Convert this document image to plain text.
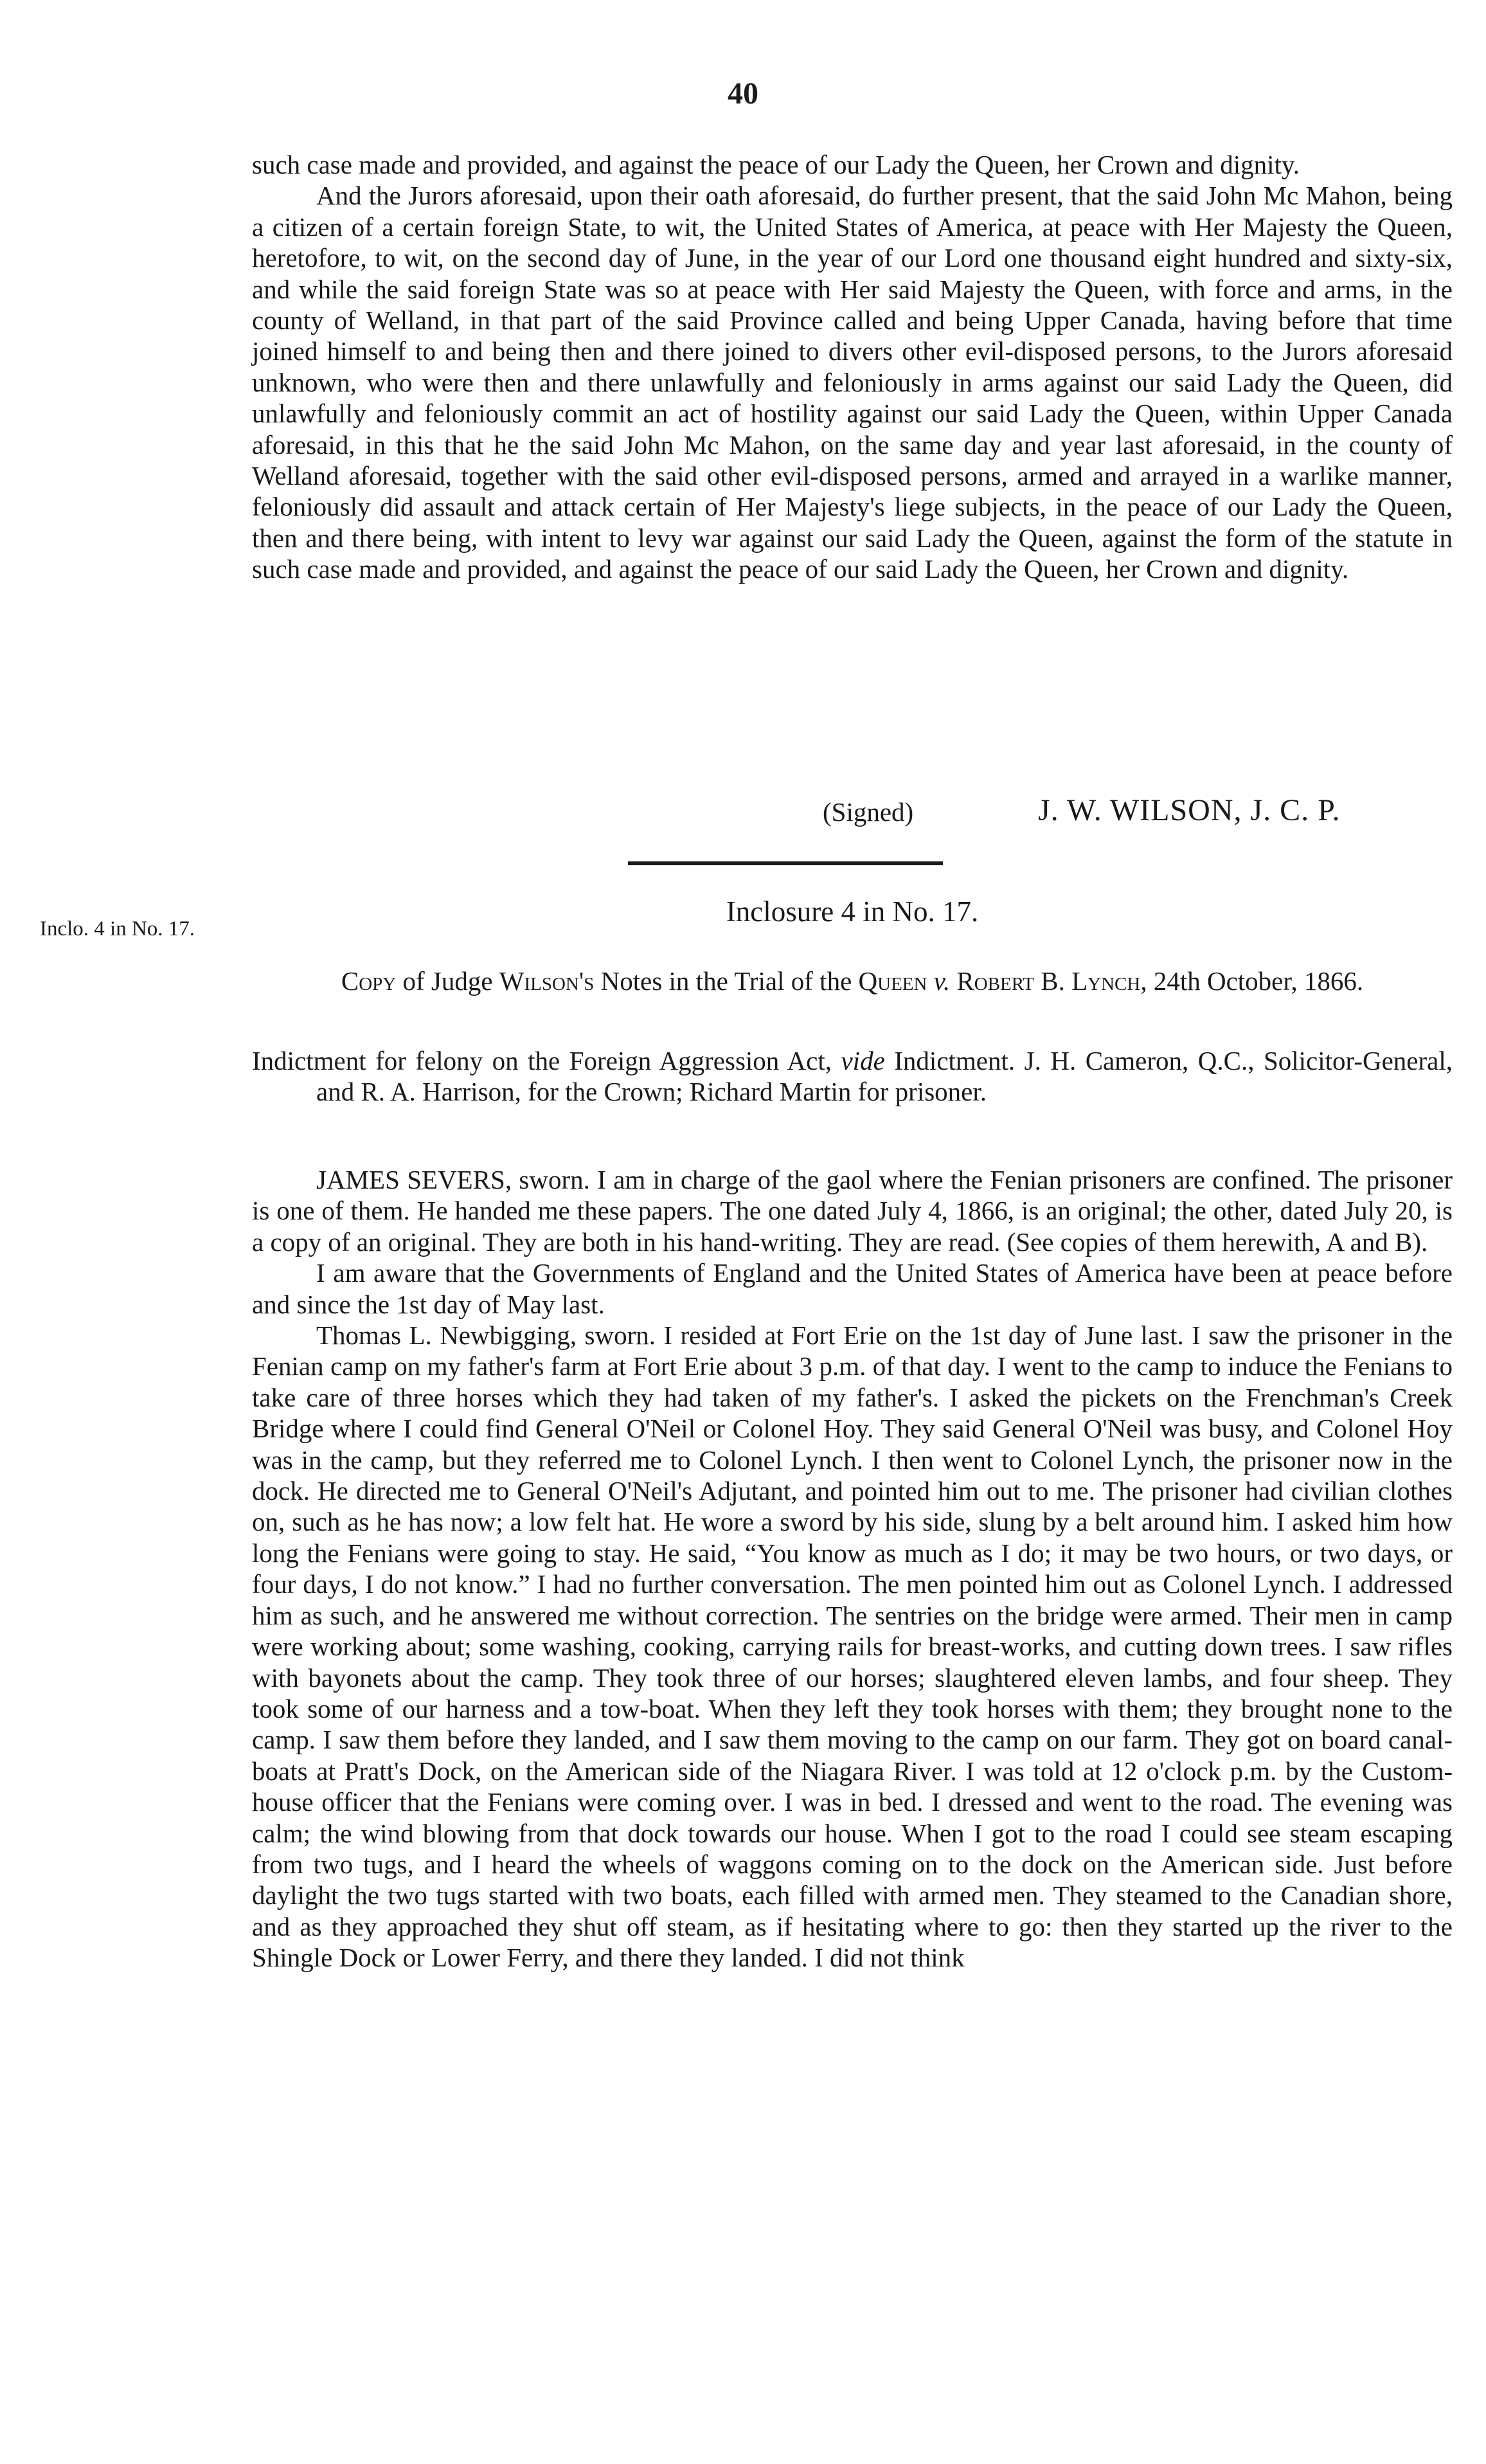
40

such case made and provided, and against the peace of our Lady the Queen, her Crown and dignity.

And the Jurors aforesaid, upon their oath aforesaid, do further present, that the said John Mc Mahon, being a citizen of a certain foreign State, to wit, the United States of America, at peace with Her Majesty the Queen, heretofore, to wit, on the second day of June, in the year of our Lord one thousand eight hundred and sixty-six, and while the said foreign State was so at peace with Her said Majesty the Queen, with force and arms, in the county of Welland, in that part of the said Province called and being Upper Canada, having before that time joined himself to and being then and there joined to divers other evil-disposed persons, to the Jurors aforesaid unknown, who were then and there unlawfully and feloniously in arms against our said Lady the Queen, did unlawfully and feloniously commit an act of hostility against our said Lady the Queen, within Upper Canada aforesaid, in this that he the said John Mc Mahon, on the same day and year last aforesaid, in the county of Welland aforesaid, together with the said other evil-disposed persons, armed and arrayed in a warlike manner, feloniously did assault and attack certain of Her Majesty's liege subjects, in the peace of our Lady the Queen, then and there being, with intent to levy war against our said Lady the Queen, against the form of the statute in such case made and provided, and against the peace of our said Lady the Queen, her Crown and dignity.

(Signed)	J. W. WILSON, J. C. P.
Inclo. 4 in No. 17.
Inclosure 4 in No. 17.
Copy of Judge Wilson's Notes in the Trial of the Queen v. Robert B. Lynch, 24th October, 1866.

Indictment for felony on the Foreign Aggression Act, vide Indictment. J. H. Cameron, Q.C., Solicitor-General, and R. A. Harrison, for the Crown; Richard Martin for prisoner.

JAMES SEVERS, sworn. I am in charge of the gaol where the Fenian prisoners are confined. The prisoner is one of them. He handed me these papers. The one dated July 4, 1866, is an original; the other, dated July 20, is a copy of an original. They are both in his hand-writing. They are read. (See copies of them herewith, A and B).

I am aware that the Governments of England and the United States of America have been at peace before and since the 1st day of May last.

Thomas L. Newbigging, sworn. I resided at Fort Erie on the 1st day of June last. I saw the prisoner in the Fenian camp on my father's farm at Fort Erie about 3 p.m. of that day. I went to the camp to induce the Fenians to take care of three horses which they had taken of my father's. I asked the pickets on the Frenchman's Creek Bridge where I could find General O'Neil or Colonel Hoy. They said General O'Neil was busy, and Colonel Hoy was in the camp, but they referred me to Colonel Lynch. I then went to Colonel Lynch, the prisoner now in the dock. He directed me to General O'Neil's Adjutant, and pointed him out to me. The prisoner had civilian clothes on, such as he has now; a low felt hat. He wore a sword by his side, slung by a belt around him. I asked him how long the Fenians were going to stay. He said, “You know as much as I do; it may be two hours, or two days, or four days, I do not know.” I had no further conversation. The men pointed him out as Colonel Lynch. I addressed him as such, and he answered me without correction. The sentries on the bridge were armed. Their men in camp were working about; some washing, cooking, carrying rails for breast-works, and cutting down trees. I saw rifles with bayonets about the camp. They took three of our horses; slaughtered eleven lambs, and four sheep. They took some of our harness and a tow-boat. When they left they took horses with them; they brought none to the camp. I saw them before they landed, and I saw them moving to the camp on our farm. They got on board canal-boats at Pratt's Dock, on the American side of the Niagara River. I was told at 12 o'clock p.m. by the Custom-house officer that the Fenians were coming over. I was in bed. I dressed and went to the road. The evening was calm; the wind blowing from that dock towards our house. When I got to the road I could see steam escaping from two tugs, and I heard the wheels of waggons coming on to the dock on the American side. Just before daylight the two tugs started with two boats, each filled with armed men. They steamed to the Canadian shore, and as they approached they shut off steam, as if hesitating where to go: then they started up the river to the Shingle Dock or Lower Ferry, and there they landed. I did not think
